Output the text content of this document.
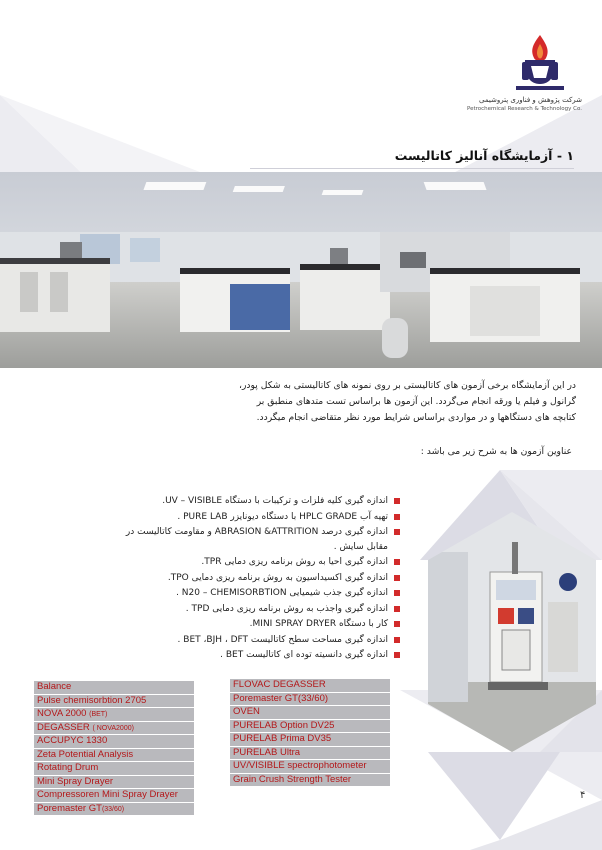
شرکت پژوهش و فناوری پتروشیمی
Petrochemical Research & Technology Co.
۱ - آزمایشگاه آنالیز کاتالیست
در این آزمایشگاه برخی آزمون های کاتالیستی بر روی نمونه های کاتالیستی به شکل پودر، گرانول و فیلم یا ورقه انجام می‌گردد. این آزمون ها براساس تست متدهای منطبق بر کتابچه های دستگاهها و در مواردی براساس شرایط مورد نظر متقاضی انجام میگردد.
عناوین آزمون ها به شرح زیر می باشد :
اندازه گیری کلیه فلزات و ترکیبات با دستگاه UV – VISIBLE.
تهیه آب HPLC GRADE با دستگاه دیونایزر PURE LAB .
اندازه گیری درصد ABRASION &ATTRITION و مقاومت کاتالیست در مقابل سایش .
اندازه گیری احیا به روش برنامه ریزی دمایی TPR.
اندازه گیری اکسیداسیون به روش برنامه ریزی دمایی TPO.
اندازه گیری جذب شیمیایی N20 – CHEMISORBTION .
اندازه گیری واجذب به روش برنامه ریزی دمایی TPD .
کار با دستگاه MINI SPRAY DRYER.
اندازه گیری مساحت سطح کاتالیست BET ،BJH ، DFT .
اندازه گیری دانسیته توده ای کاتالیست BET .
Balance
Pulse chemisorbtion 2705
NOVA 2000 (BET)
DEGASSER ( NOVA2000)
ACCUPYC 1330
Zeta Potential Analysis
Rotating Drum
Mini Spray Drayer
Compressoren Mini Spray Drayer
Poremaster GT(33/60)
FLOVAC DEGASSER
Poremaster GT(33/60)
OVEN
PURELAB Option DV25
PURELAB Prima DV35
PURELAB Ultra
UV/VISIBLE spectrophotometer
Grain Crush Strength Tester
۴
